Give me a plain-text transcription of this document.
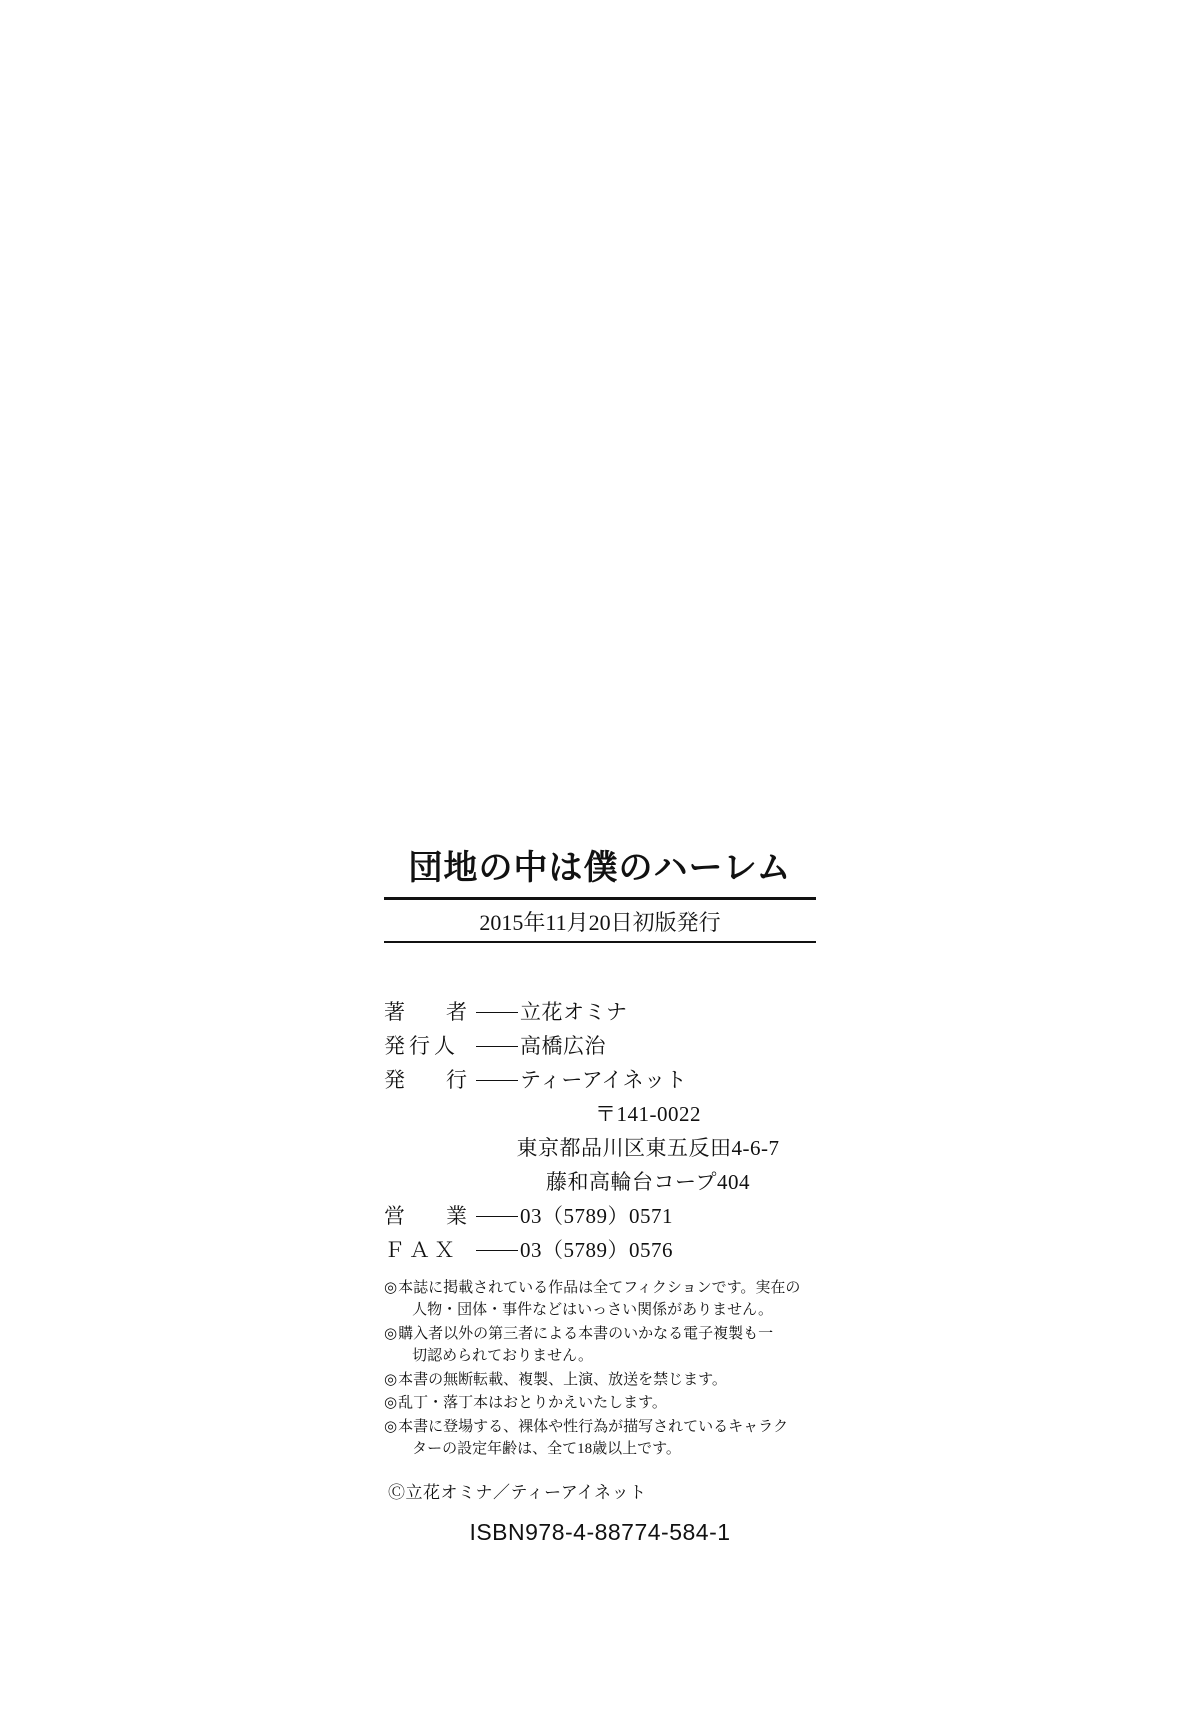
団地の中は僕のハーレム
2015年11月20日初版発行
著　者 立花オミナ
発行人	高橋広治
発　行 ティーアイネット
〒141-0022
東京都品川区東五反田4-6-7
藤和高輪台コープ404
営　業 03（5789）0571
ＦＡＸ	03（5789）0576
◎ 本誌に掲載されている作品は全てフィクションです。実在の
人物・団体・事件などはいっさい関係がありません。
◎ 購入者以外の第三者による本書のいかなる電子複製も一
切認められておりません。
◎ 本書の無断転載、複製、上演、放送を禁じます。
◎ 乱丁・落丁本はおとりかえいたします。
◎ 本書に登場する、裸体や性行為が描写されているキャラク
ターの設定年齢は、全て18歳以上です。
Ⓒ立花オミナ／ティーアイネット
ISBN978-4-88774-584-1
